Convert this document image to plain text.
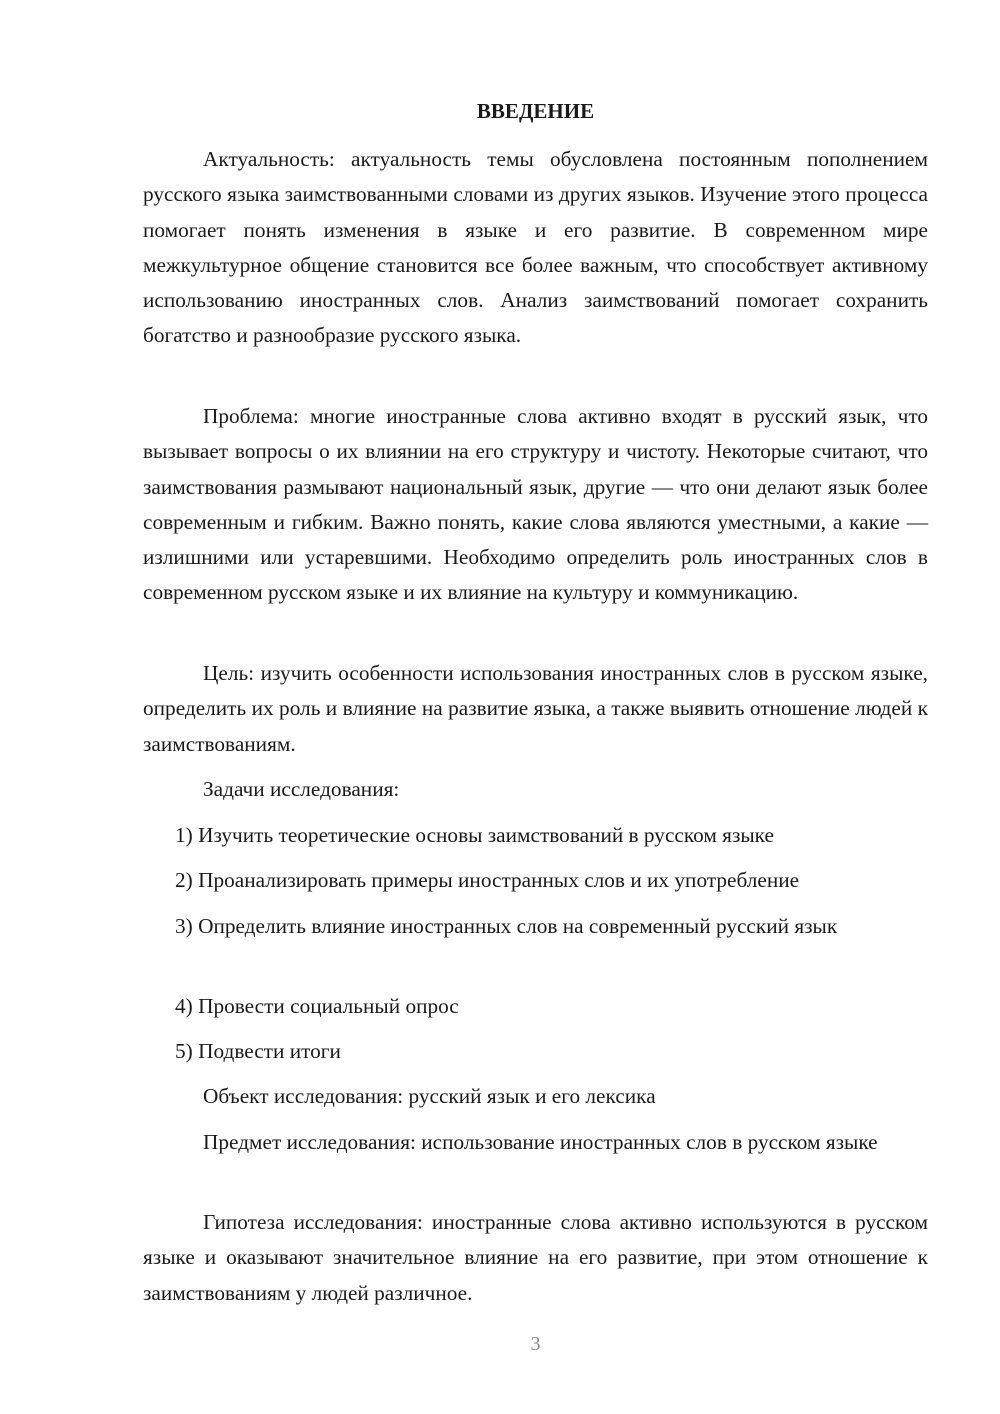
ВВЕДЕНИЕ

Актуальность: актуальность темы обусловлена постоянным пополнением русского языка заимствованными словами из других языков. Изучение этого процесса помогает понять изменения в языке и его развитие. В современном мире межкультурное общение становится все более важным, что способствует активному использованию иностранных слов. Анализ заимствований помогает сохранить богатство и разнообразие русского языка.

Проблема: многие иностранные слова активно входят в русский язык, что вызывает вопросы о их влиянии на его структуру и чистоту. Некоторые считают, что заимствования размывают национальный язык, другие — что они делают язык более современным и гибким. Важно понять, какие слова являются уместными, а какие — излишними или устаревшими. Необходимо определить роль иностранных слов в современном русском языке и их влияние на культуру и коммуникацию.

Цель: изучить особенности использования иностранных слов в русском языке, определить их роль и влияние на развитие языка, а также выявить отношение людей к заимствованиям.

Задачи исследования:

1) Изучить теоретические основы заимствований в русском языке

2) Проанализировать примеры иностранных слов и их употребление

3) Определить влияние иностранных слов на современный русский язык

4) Провести социальный опрос

5) Подвести итоги

Объект исследования: русский язык и его лексика

Предмет исследования: использование иностранных слов в русском языке

Гипотеза исследования: иностранные слова активно используются в русском языке и оказывают значительное влияние на его развитие, при этом отношение к заимствованиям у людей различное.

3
